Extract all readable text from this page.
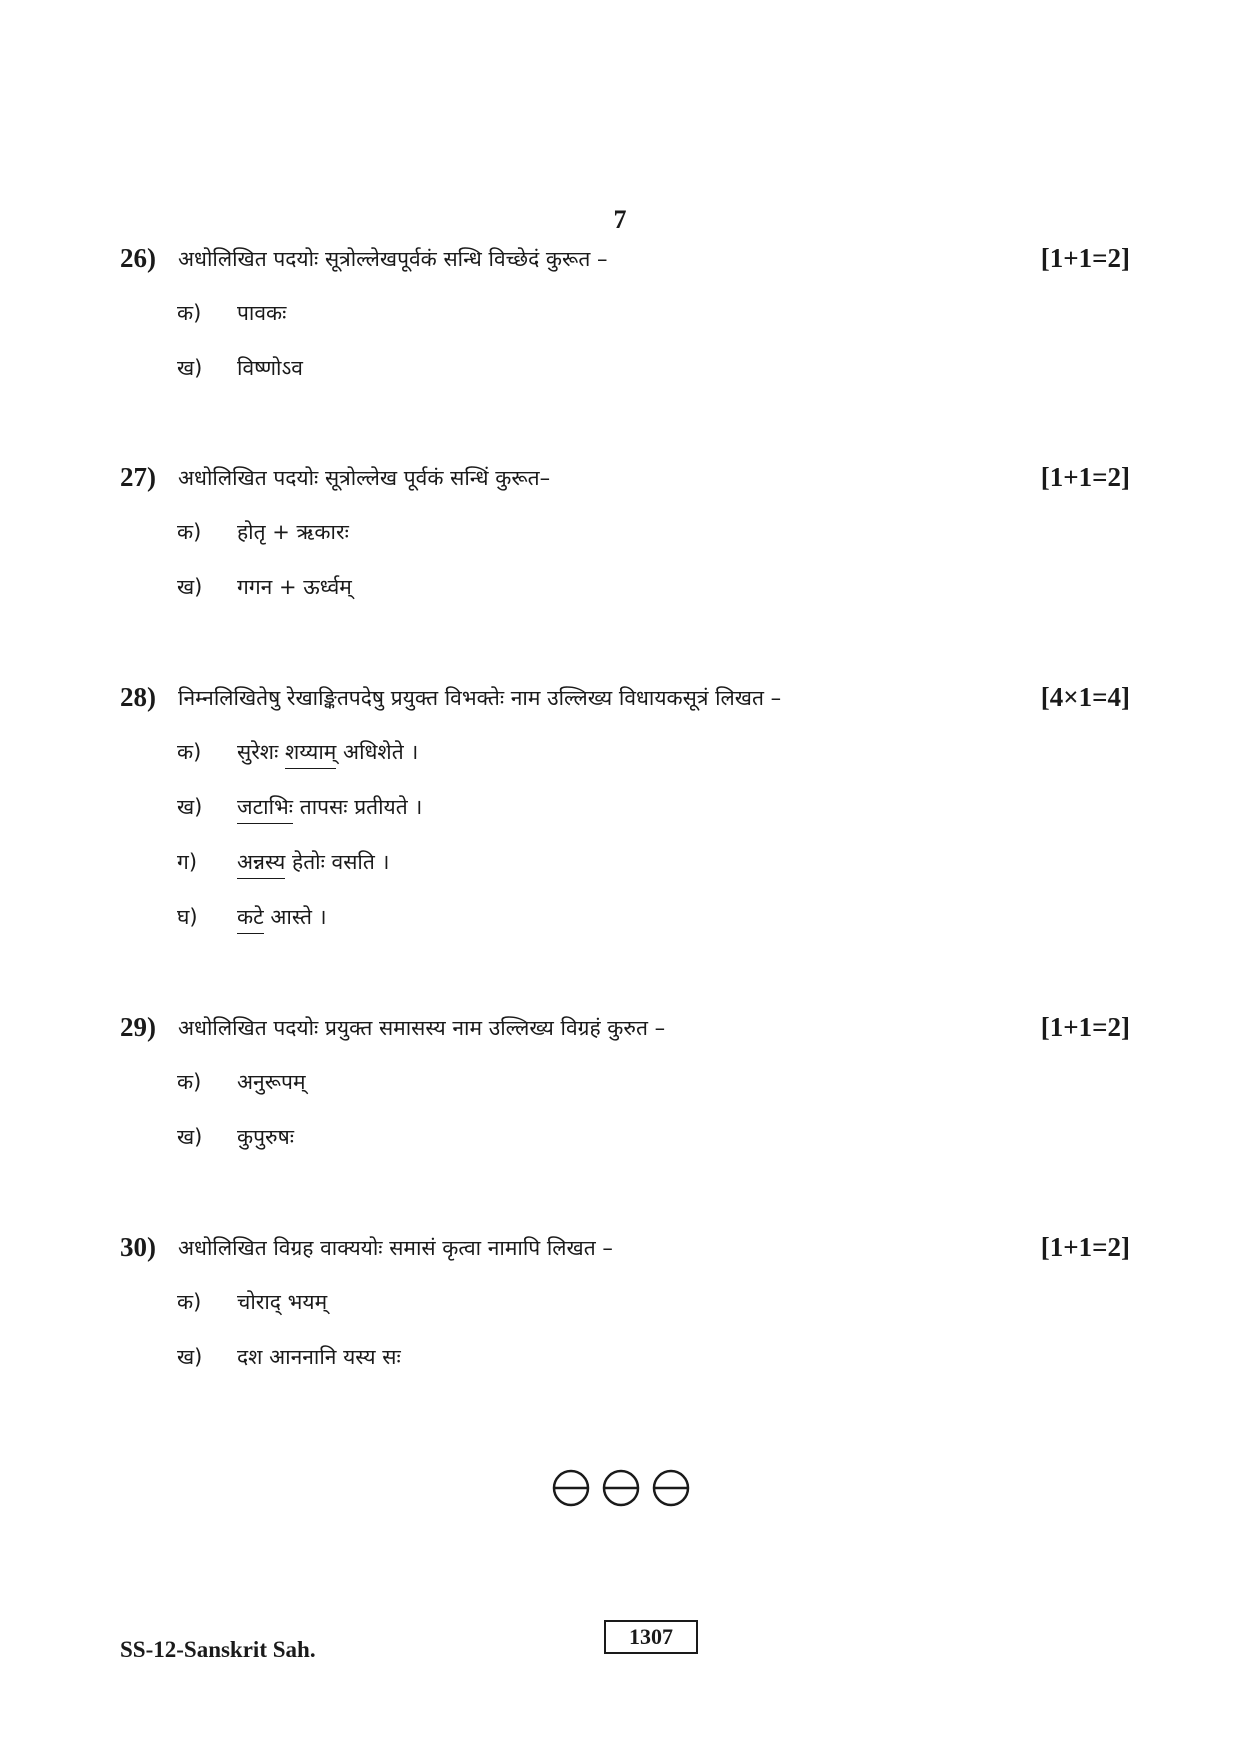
7
26) अधोलिखित पदयोः सूत्रोल्लेखपूर्वकं सन्धि विच्छेदं कुरूत –	[1+1=2]
क) पावकः
ख) विष्णोऽव
27) अधोलिखित पदयोः सूत्रोल्लेख पूर्वकं सन्धिं कुरूत–	[1+1=2]
क) होतृ + ऋकारः
ख) गगन + ऊर्ध्वम्
28) निम्नलिखितेषु रेखाङ्कितपदेषु प्रयुक्त विभक्तेः नाम उल्लिख्य विधायकसूत्रं लिखत –	[4×1=4]
क) सुरेशः शय्याम् अधिशेते ।
ख) जटाभिः तापसः प्रतीयते ।
ग) अन्नस्य हेतोः वसति ।
घ) कटे आस्ते ।
29) अधोलिखित पदयोः प्रयुक्त समासस्य नाम उल्लिख्य विग्रहं कुरुत –	[1+1=2]
क) अनुरूपम्
ख) कुपुरुषः
30) अधोलिखित विग्रह वाक्ययोः समासं कृत्वा नामापि लिखत –	[1+1=2]
क) चोराद् भयम्
ख) दश आननानि यस्य सः
SS-12-Sanskrit Sah.
1307
